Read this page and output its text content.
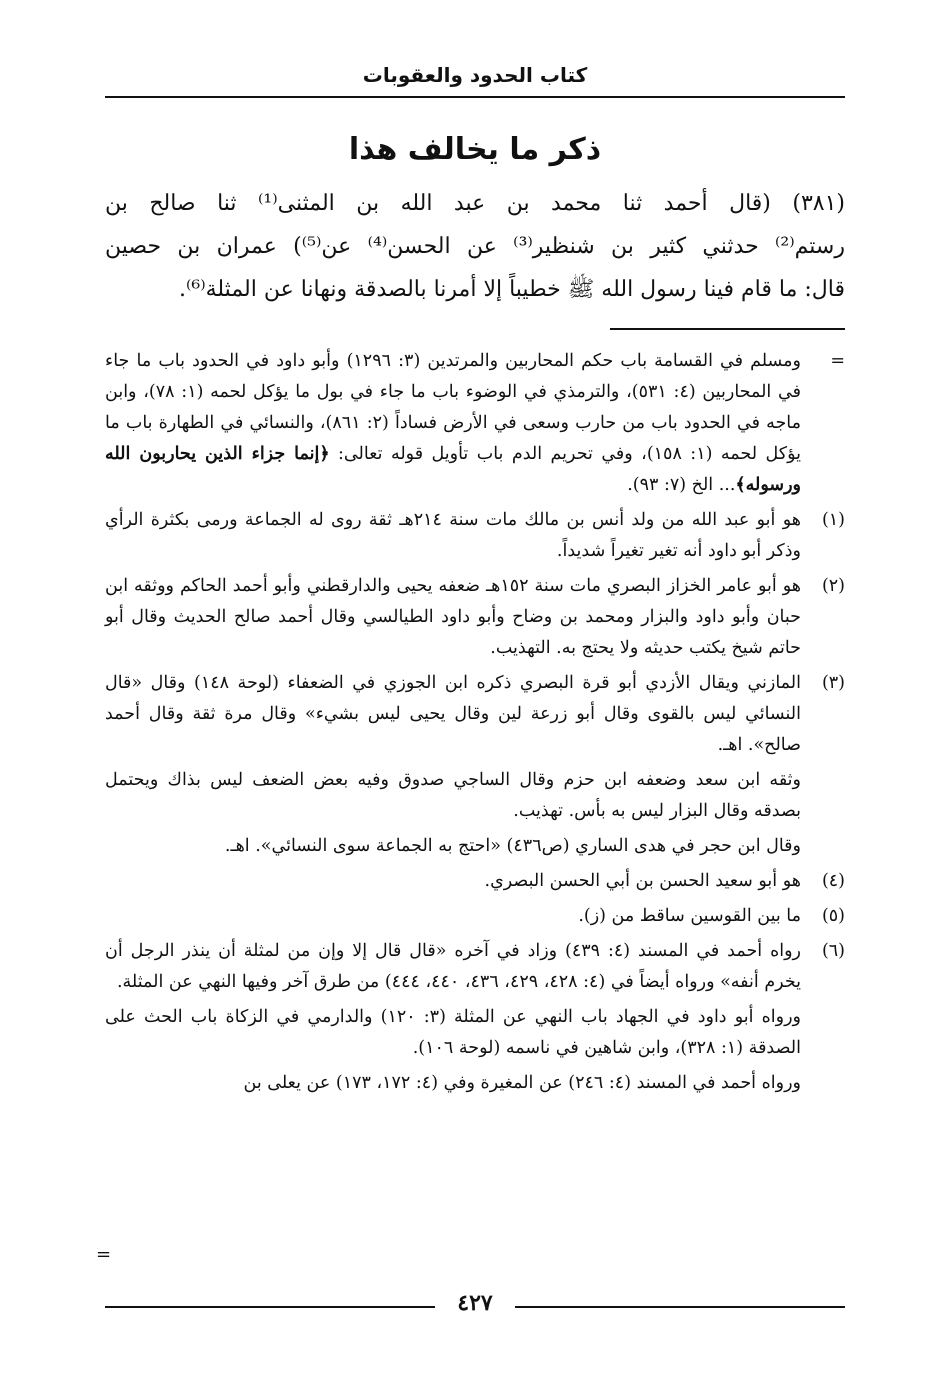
كتاب الحدود والعقوبات
ذكر ما يخالف هذا
(٣٨١) (قال أحمد ثنا محمد بن عبد الله بن المثنى⁽¹⁾ ثنا صالح بن
رستم⁽²⁾ حدثني كثير بن شنظير⁽³⁾ عن الحسن⁽⁴⁾ عن⁽⁵⁾) عمران بن حصين
قال: ما قام فينا رسول الله ﷺ خطيباً إلا أمرنا بالصدقة ونهانا عن المثلة⁽⁶⁾.
=

ومسلم في القسامة باب حكم المحاربين والمرتدين (٣: ١٢٩٦) وأبو داود في الحدود باب ما جاء في المحاربين (٤: ٥٣١)، والترمذي في الوضوء باب ما جاء في بول ما يؤكل لحمه (١: ٧٨)، وابن ماجه في الحدود باب من حارب وسعى في الأرض فساداً (٢: ٨٦١)، والنسائي في الطهارة باب ما يؤكل لحمه (١: ١٥٨)، وفي تحريم الدم باب تأويل قوله تعالى: ﴿إنما جزاء الذين يحاربون الله ورسوله﴾... الخ (٧: ٩٣).

(١)

هو أبو عبد الله من ولد أنس بن مالك مات سنة ٢١٤هـ ثقة روى له الجماعة ورمى بكثرة الرأي وذكر أبو داود أنه تغير تغيراً شديداً.

(٢)

هو أبو عامر الخزاز البصري مات سنة ١٥٢هـ ضعفه يحيى والدارقطني وأبو أحمد الحاكم ووثقه ابن حبان وأبو داود والبزار ومحمد بن وضاح وأبو داود الطيالسي وقال أحمد صالح الحديث وقال أبو حاتم شيخ يكتب حديثه ولا يحتج به. التهذيب.

(٣)

المازني ويقال الأزدي أبو قرة البصري ذكره ابن الجوزي في الضعفاء (لوحة ١٤٨) وقال «قال النسائي ليس بالقوى وقال أبو زرعة لين وقال يحيى ليس بشيء» وقال مرة ثقة وقال أحمد صالح». اهـ.

وثقه ابن سعد وضعفه ابن حزم وقال الساجي صدوق وفيه بعض الضعف ليس بذاك ويحتمل بصدقه وقال البزار ليس به بأس. تهذيب.

وقال ابن حجر في هدى الساري (ص٤٣٦) «احتج به الجماعة سوى النسائي». اهـ.

(٤)

هو أبو سعيد الحسن بن أبي الحسن البصري.

(٥)

ما بين القوسين ساقط من (ز).

(٦)

رواه أحمد في المسند (٤: ٤٣٩) وزاد في آخره «قال قال إلا وإن من لمثلة أن ينذر الرجل أن يخرم أنفه» ورواه أيضاً في (٤: ٤٢٨، ٤٢٩، ٤٣٦، ٤٤٠، ٤٤٤) من طرق آخر وفيها النهي عن المثلة.

ورواه أبو داود في الجهاد باب النهي عن المثلة (٣: ١٢٠) والدارمي في الزكاة باب الحث على الصدقة (١: ٣٢٨)، وابن شاهين في ناسمه (لوحة ١٠٦).

ورواه أحمد في المسند (٤: ٢٤٦) عن المغيرة وفي (٤: ١٧٢، ١٧٣) عن يعلى بن

=
٤٢٧
